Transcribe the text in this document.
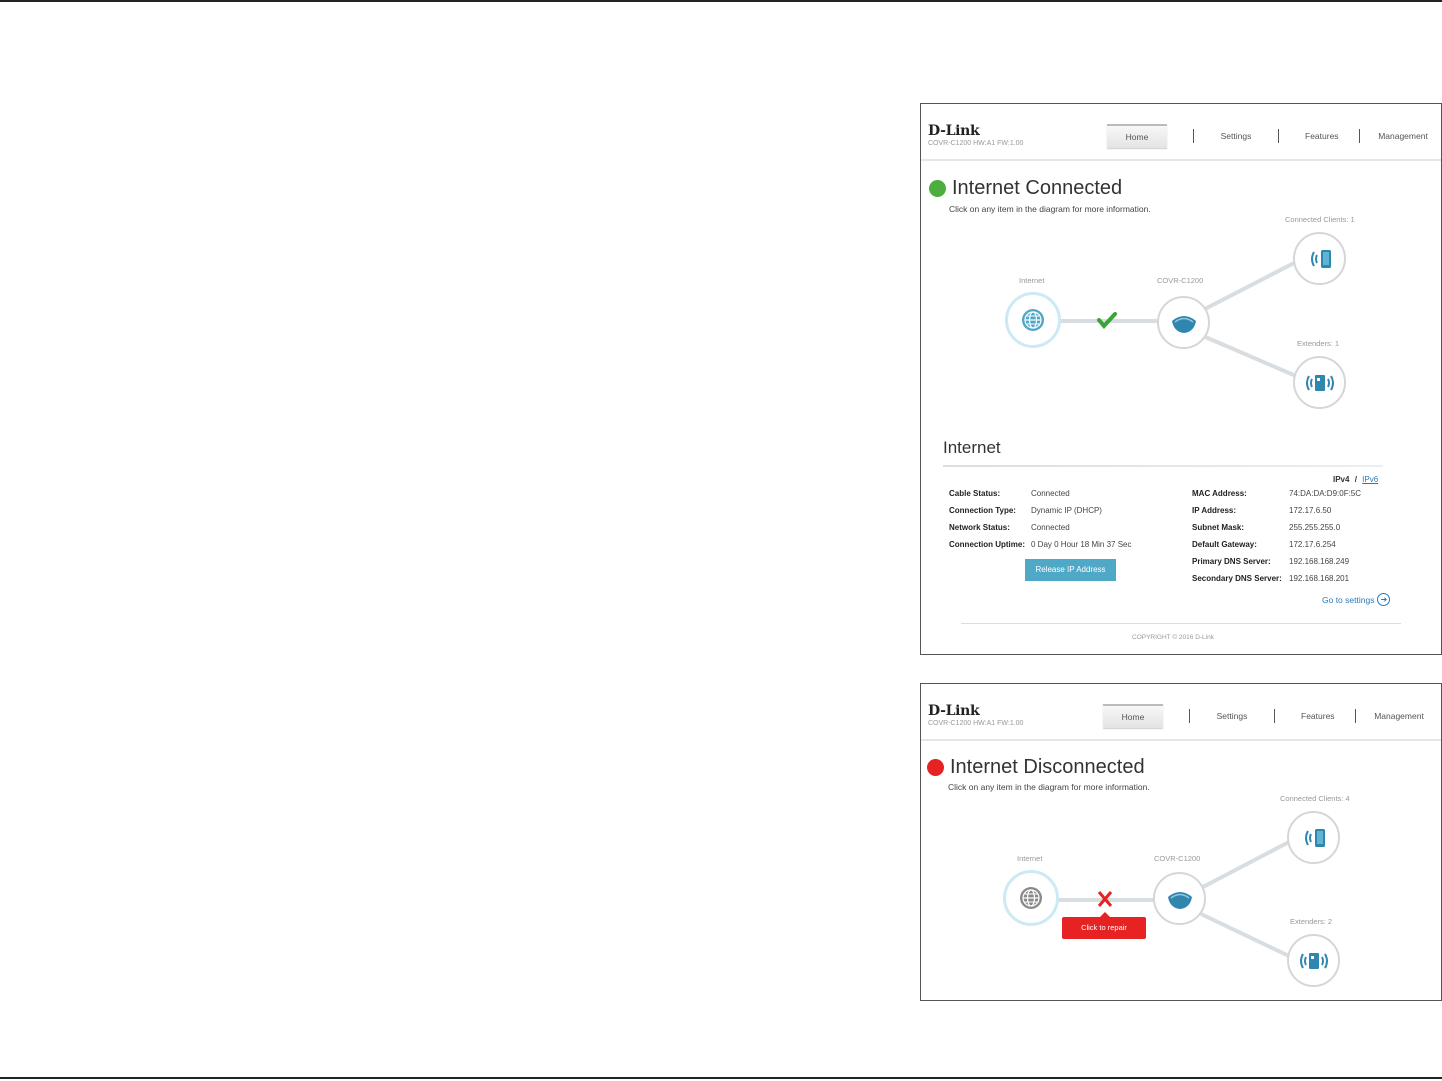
D-Link
COVR-C1200 HW:A1 FW:1.00
Home	Settings	Features	Management
Internet Connected
Click on any item in the diagram for more information.
Internet	COVR-C1200
Connected Clients: 1
Extenders: 1
Internet
IPv4 / IPv6
Cable Status:	Connected
Connection Type: Dynamic IP (DHCP)
Network Status:	Connected
Connection Uptime: 0 Day 0 Hour 18 Min 37 Sec
MAC Address:	74:DA:DA:D9:0F:5C
IP Address:	172.17.6.50
Subnet Mask:	255.255.255.0
Default Gateway:	172.17.6.254
Primary DNS Server: 192.168.168.249
Secondary DNS Server: 192.168.168.201
Release IP Address
Go to settings ➜
COPYRIGHT © 2016 D-Link
D-Link
COVR-C1200 HW:A1 FW:1.00
Home	Settings	Features	Management
Internet Disconnected
Click on any item in the diagram for more information.
Internet
Click to repair
COVR-C1200
Connected Clients: 4
Extenders: 2
